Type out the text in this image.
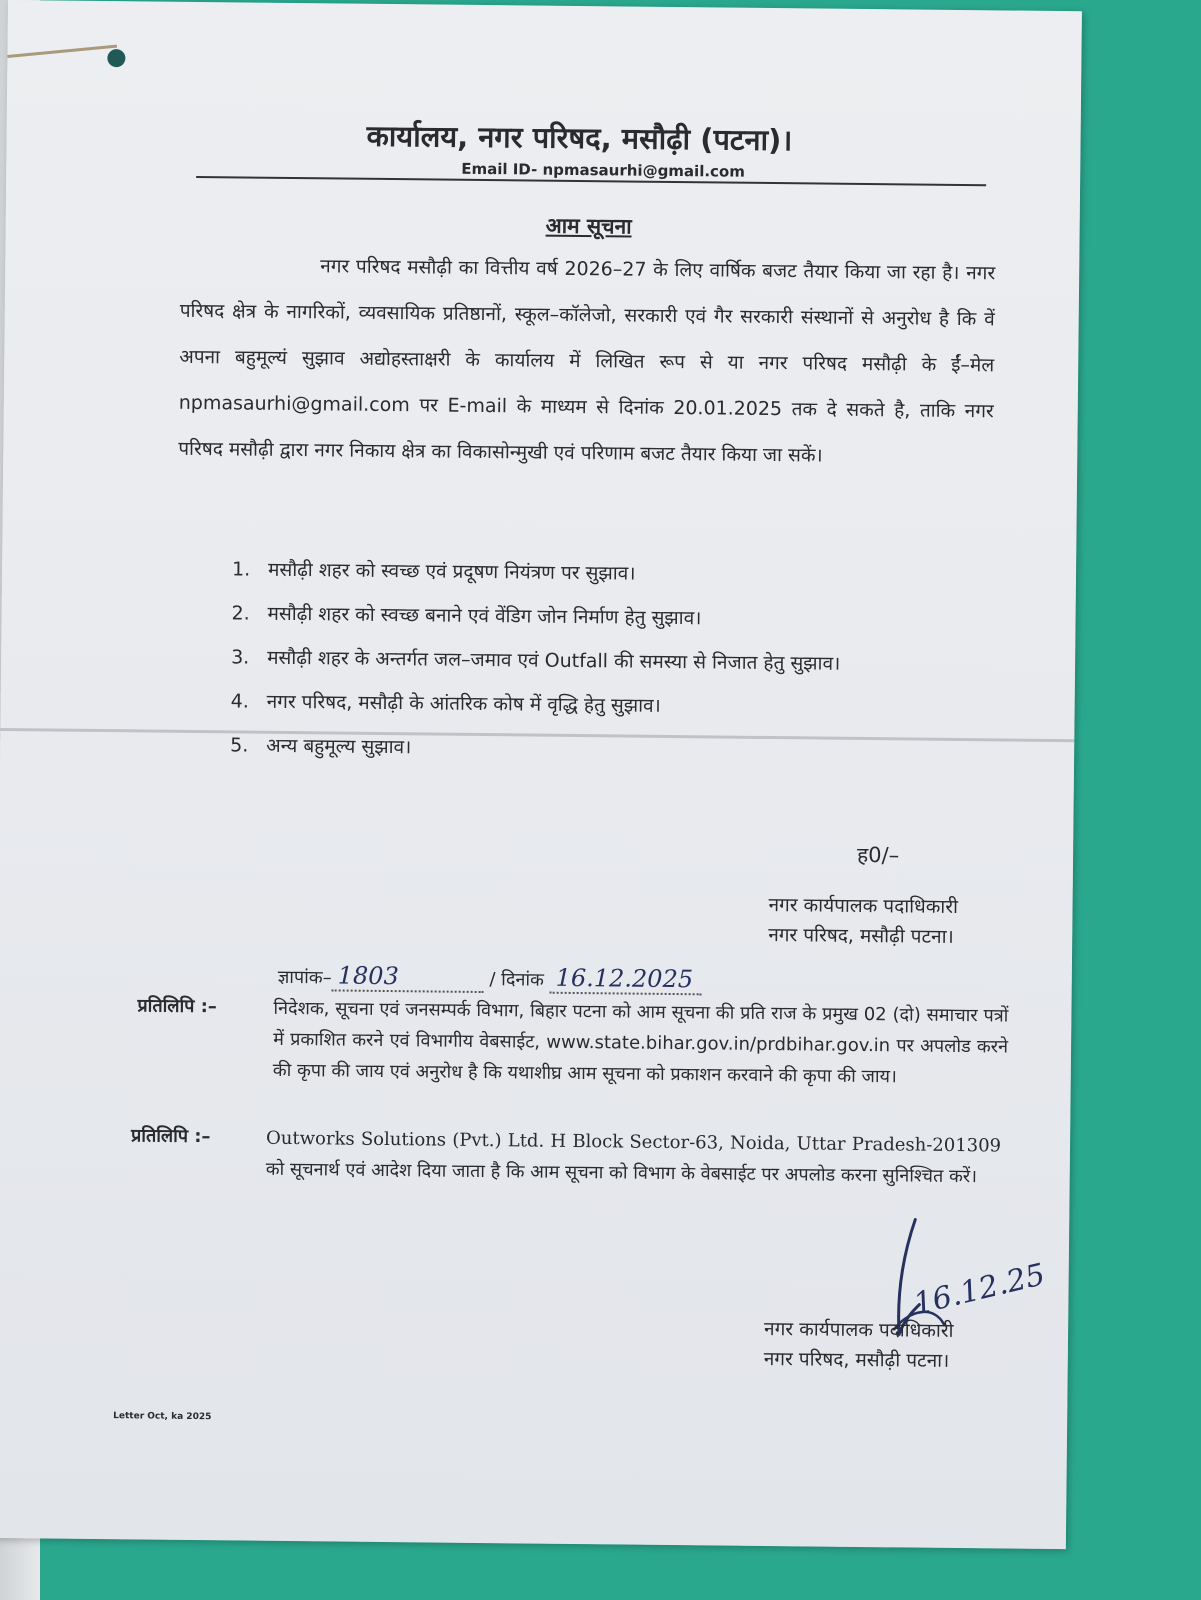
कार्यालय, नगर परिषद, मसौढ़ी (पटना)।
Email ID- npmasaurhi@gmail.com
आम सूचना
नगर परिषद मसौढ़ी का वित्तीय वर्ष 2026–27 के लिए वार्षिक बजट तैयार किया जा रहा है। नगर परिषद क्षेत्र के नागरिकों, व्यवसायिक प्रतिष्ठानों, स्कूल–कॉलेजो, सरकारी एवं गैर सरकारी संस्थानों से अनुरोध है कि वें अपना बहुमूल्यं सुझाव अद्योहस्ताक्षरी के कार्यालय में लिखित रूप से या नगर परिषद मसौढ़ी के ईं–मेल npmasaurhi@gmail.com पर E-mail के माध्यम से दिनांक 20.01.2025 तक दे सकते है, ताकि नगर परिषद मसौढ़ी द्वारा नगर निकाय क्षेत्र का विकासोन्मुखी एवं परिणाम बजट तैयार किया जा सकें।
1. मसौढ़ी शहर को स्वच्छ एवं प्रदूषण नियंत्रण पर सुझाव।
2. मसौढ़ी शहर को स्वच्छ बनाने एवं वेंडिग जोन निर्माण हेतु सुझाव।
3. मसौढ़ी शहर के अन्तर्गत जल–जमाव एवं Outfall की समस्या से निजात हेतु सुझाव।
4. नगर परिषद, मसौढ़ी के आंतरिक कोष में वृद्धि हेतु सुझाव।
5. अन्य बहुमूल्य सुझाव।
ह0/–
नगर कार्यपालक पदाधिकारी
नगर परिषद, मसौढ़ी पटना।
ज्ञापांक– 1803	/ दिनांक 16.12.2025
प्रतिलिपि :–	निदेशक, सूचना एवं जनसम्पर्क विभाग, बिहार पटना को आम सूचना की प्रति राज के प्रमुख 02 (दो) समाचार पत्रों में प्रकाशित करने एवं विभागीय वेबसाईट, www.state.bihar.gov.in/prdbihar.gov.in पर अपलोड करने की कृपा की जाय एवं अनुरोध है कि यथाशीघ्र आम सूचना को प्रकाशन करवाने की कृपा की जाय।
प्रतिलिपि :–	Outworks Solutions (Pvt.) Ltd. H Block Sector-63, Noida, Uttar Pradesh-201309 को सूचनार्थ एवं आदेश दिया जाता है कि आम सूचना को विभाग के वेबसाईट पर अपलोड करना सुनिश्चित करें।
16.12.25
नगर कार्यपालक पदाधिकारी
नगर परिषद, मसौढ़ी पटना।
Letter Oct, ka 2025
